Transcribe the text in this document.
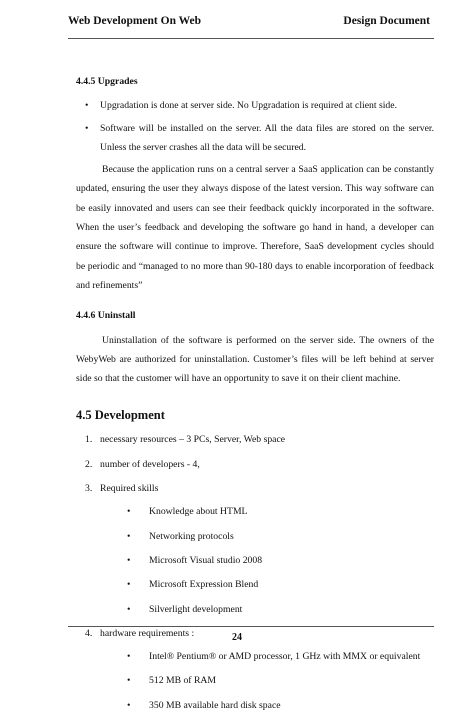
Web Development On Web	Design Document
4.4.5 Upgrades
• Upgradation is done at server side. No Upgradation is required at client side.
• Software will be installed on the server. All the data files are stored on the server. Unless the server crashes all the data will be secured.

Because the application runs on a central server a SaaS application can be constantly updated, ensuring the user they always dispose of the latest version. This way software can be easily innovated and users can see their feedback quickly incorporated in the software. When the user’s feedback and developing the software go hand in hand, a developer can ensure the software will continue to improve. Therefore, SaaS development cycles should be periodic and “managed to no more than 90-180 days to enable incorporation of feedback and refinements”

4.4.6 Uninstall

Uninstallation of the software is performed on the server side. The owners of the WebyWeb are authorized for uninstallation. Customer’s files will be left behind at server side so that the customer will have an opportunity to save it on their client machine.

4.5 Development
1. necessary resources – 3 PCs, Server, Web space
2. number of developers - 4,
3. Required skills
• Knowledge about HTML
• Networking protocols
• Microsoft Visual studio 2008
• Microsoft Expression Blend
• Silverlight development
4. hardware requirements :
• Intel® Pentium® or AMD processor, 1 GHz with MMX or equivalent
• 512 MB of RAM
• 350 MB available hard disk space
24
